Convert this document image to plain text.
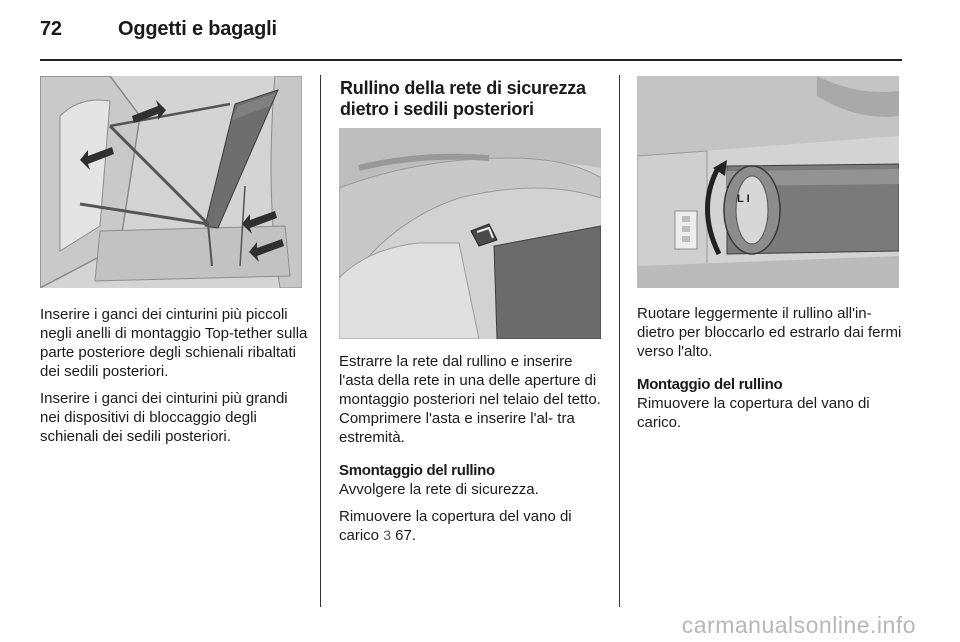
72	Oggetti e bagagli
L I

Inserire i ganci dei cinturini più piccoli negli anelli di montaggio Top-tether sulla parte posteriore degli schienali ribaltati dei sedili posteriori.

Inserire i ganci dei cinturini più grandi nei dispositivi di bloccaggio degli schienali dei sedili posteriori.

Rullino della rete di sicurezza dietro i sedili posteriori

Estrarre la rete dal rullino e inserire l'asta della rete in una delle aperture di montaggio posteriori nel telaio del tetto. Comprimere l'asta e inserire l'al- tra estremità.

Smontaggio del rullino

Avvolgere la rete di sicurezza.

Rimuovere la copertura del vano di carico 3 67.

Ruotare leggermente il rullino all'in- dietro per bloccarlo ed estrarlo dai fermi verso l'alto.

Montaggio del rullino

Rimuovere la copertura del vano di carico.

carmanualsonline.info
